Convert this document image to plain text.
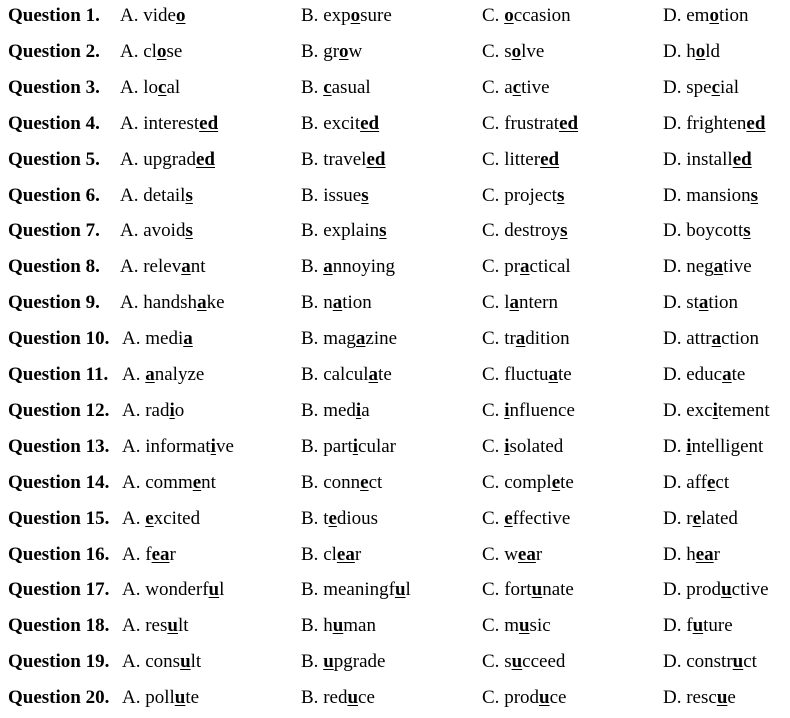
Question 1. A. video	B. exposure	C. occasion	D. emotion
Question 2. A. close	B. grow	C. solve	D. hold
Question 3. A. local	B. casual	C. active	D. special
Question 4. A. interested	B. excited	C. frustrated	D. frightened
Question 5. A. upgraded	B. traveled	C. littered	D. installed
Question 6. A. details	B. issues	C. projects	D. mansions
Question 7. A. avoids	B. explains	C. destroys	D. boycotts
Question 8. A. relevant	B. annoying	C. practical	D. negative
Question 9. A. handshake	B. nation	C. lantern	D. station
Question 10. A. media	B. magazine	C. tradition	D. attraction
Question 11. A. analyze	B. calculate	C. fluctuate	D. educate
Question 12. A. radio	B. media	C. influence	D. excitement
Question 13. A. informative	B. particular	C. isolated	D. intelligent
Question 14. A. comment	B. connect	C. complete	D. affect
Question 15. A. excited	B. tedious	C. effective	D. related
Question 16. A. fear	B. clear	C. wear	D. hear
Question 17. A. wonderful	B. meaningful	C. fortunate	D. productive
Question 18. A. result	B. human	C. music	D. future
Question 19. A. consult	B. upgrade	C. succeed	D. construct
Question 20. A. pollute	B. reduce	C. produce	D. rescue
